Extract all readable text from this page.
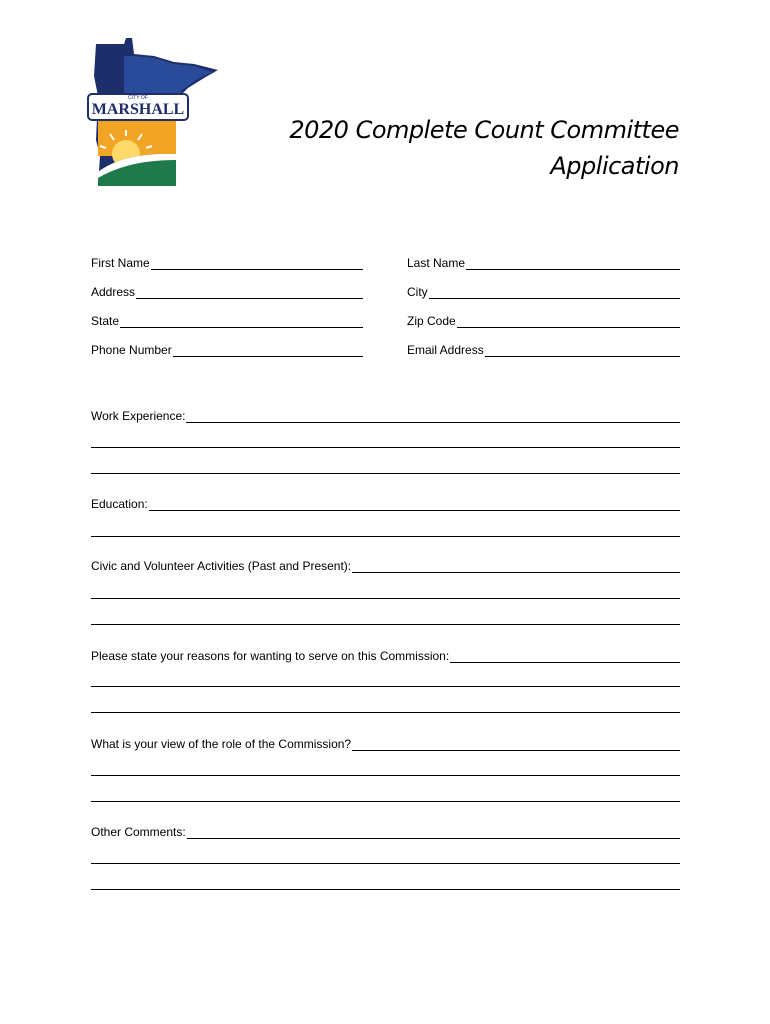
CITY OF
MARSHALL
2020 Complete Count Committee
Application
First Name	Last Name
Address	City
State	Zip Code
Phone Number	Email Address
Work Experience:
Education:
Civic and Volunteer Activities (Past and Present):
Please state your reasons for wanting to serve on this Commission:
What is your view of the role of the Commission?
Other Comments:
